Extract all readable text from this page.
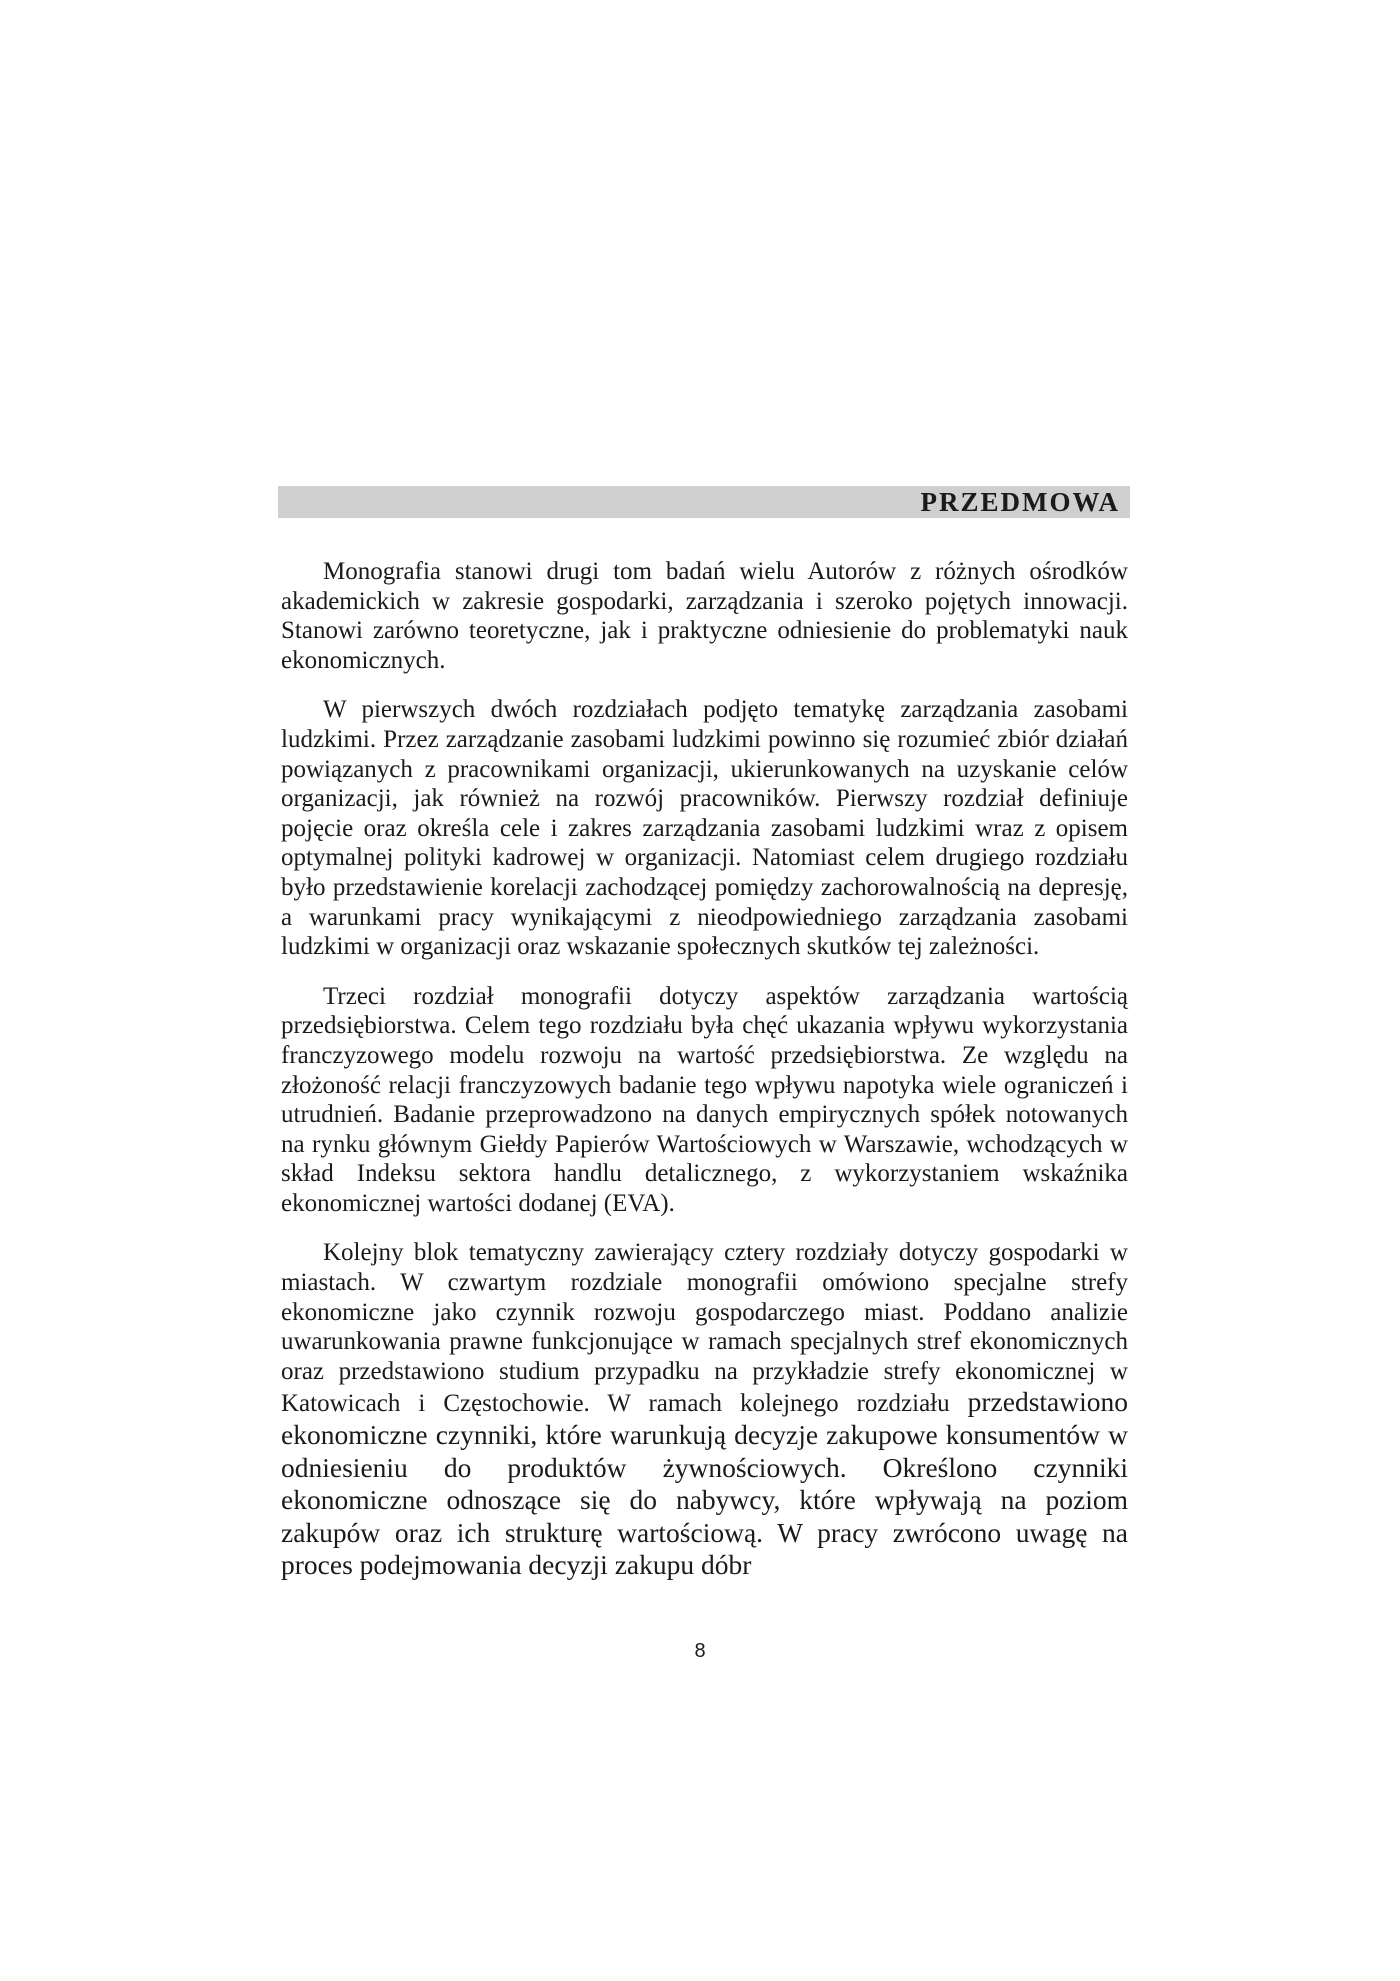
PRZEDMOWA

Monografia stanowi drugi tom badań wielu Autorów z różnych ośrodków akademickich w zakresie gospodarki, zarządzania i szeroko pojętych innowacji. Stanowi zarówno teoretyczne, jak i praktyczne odniesienie do problematyki nauk ekonomicznych.

W pierwszych dwóch rozdziałach podjęto tematykę zarządzania zasobami ludzkimi. Przez zarządzanie zasobami ludzkimi powinno się rozumieć zbiór działań powiązanych z pracownikami organizacji, ukierunkowanych na uzyskanie celów organizacji, jak również na rozwój pracowników. Pierwszy rozdział definiuje pojęcie oraz określa cele i zakres zarządzania zasobami ludzkimi wraz z opisem optymalnej polityki kadrowej w organizacji. Natomiast celem drugiego rozdziału było przedstawienie korelacji zachodzącej pomiędzy zachorowalnością na depresję, a warunkami pracy wynikającymi z nieodpowiedniego zarządzania zasobami ludzkimi w organizacji oraz wskazanie społecznych skutków tej zależności.

Trzeci rozdział monografii dotyczy aspektów zarządzania wartością przedsiębiorstwa. Celem tego rozdziału była chęć ukazania wpływu wykorzystania franczyzowego modelu rozwoju na wartość przedsiębiorstwa. Ze względu na złożoność relacji franczyzowych badanie tego wpływu napotyka wiele ograniczeń i utrudnień. Badanie przeprowadzono na danych empirycznych spółek notowanych na rynku głównym Giełdy Papierów Wartościowych w Warszawie, wchodzących w skład Indeksu sektora handlu detalicznego, z wykorzystaniem wskaźnika ekonomicznej wartości dodanej (EVA).

Kolejny blok tematyczny zawierający cztery rozdziały dotyczy gospodarki w miastach. W czwartym rozdziale monografii omówiono specjalne strefy ekonomiczne jako czynnik rozwoju gospodarczego miast. Poddano analizie uwarunkowania prawne funkcjonujące w ramach specjalnych stref ekonomicznych oraz przedstawiono studium przypadku na przykładzie strefy ekonomicznej w Katowicach i Częstochowie. W ramach kolejnego rozdziału przedstawiono ekonomiczne czynniki, które warunkują decyzje zakupowe konsumentów w odniesieniu do produktów żywnościowych. Określono czynniki ekonomiczne odnoszące się do nabywcy, które wpływają na poziom zakupów oraz ich strukturę wartościową. W pracy zwrócono uwagę na proces podejmowania decyzji zakupu dóbr

8
